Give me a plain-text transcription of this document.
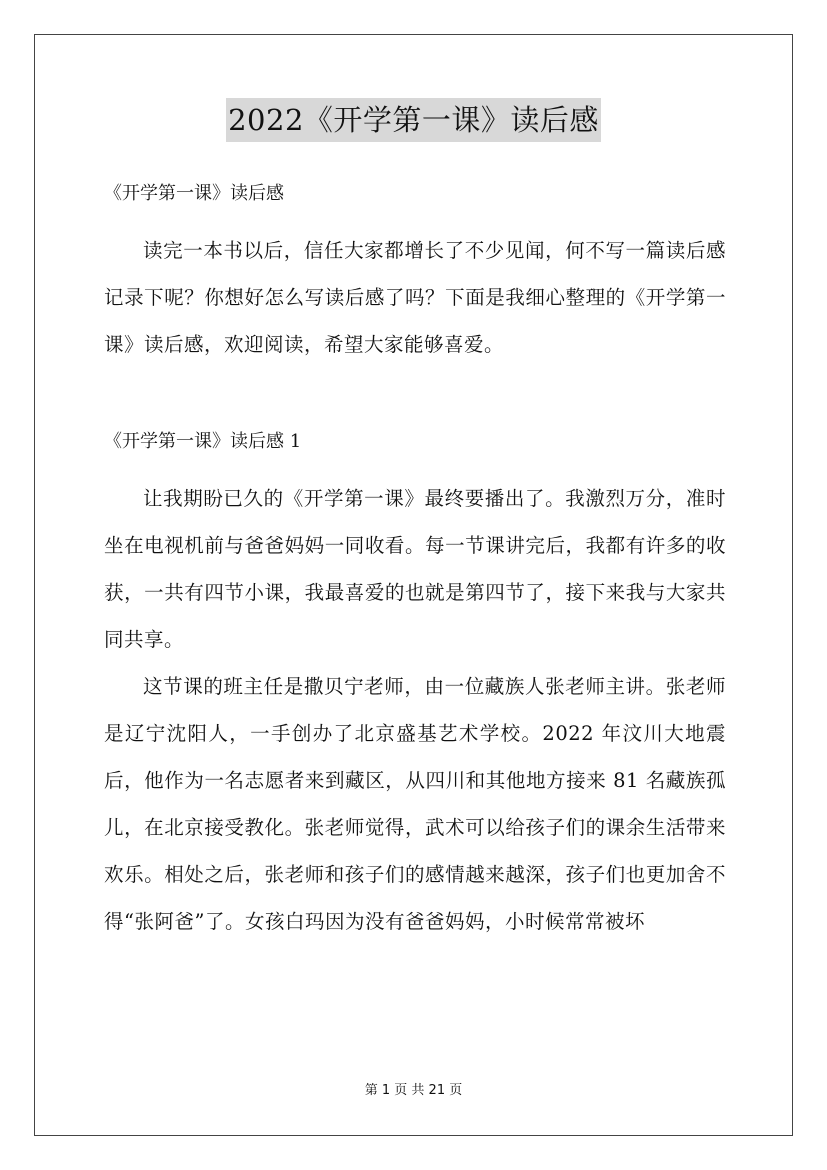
2022《开学第一课》读后感

《开学第一课》读后感

读完一本书以后，信任大家都增长了不少见闻，何不写一篇读后感记录下呢？你想好怎么写读后感了吗？下面是我细心整理的《开学第一课》读后感，欢迎阅读，希望大家能够喜爱。

《开学第一课》读后感 1

让我期盼已久的《开学第一课》最终要播出了。我激烈万分，准时坐在电视机前与爸爸妈妈一同收看。每一节课讲完后，我都有许多的收获，一共有四节小课，我最喜爱的也就是第四节了，接下来我与大家共同共享。

这节课的班主任是撒贝宁老师，由一位藏族人张老师主讲。张老师是辽宁沈阳人，一手创办了北京盛基艺术学校。2022 年汶川大地震后，他作为一名志愿者来到藏区，从四川和其他地方接来 81 名藏族孤儿，在北京接受教化。张老师觉得，武术可以给孩子们的课余生活带来欢乐。相处之后，张老师和孩子们的感情越来越深，孩子们也更加舍不得“张阿爸”了。女孩白玛因为没有爸爸妈妈，小时候常常被坏

第 1 页 共 21 页
